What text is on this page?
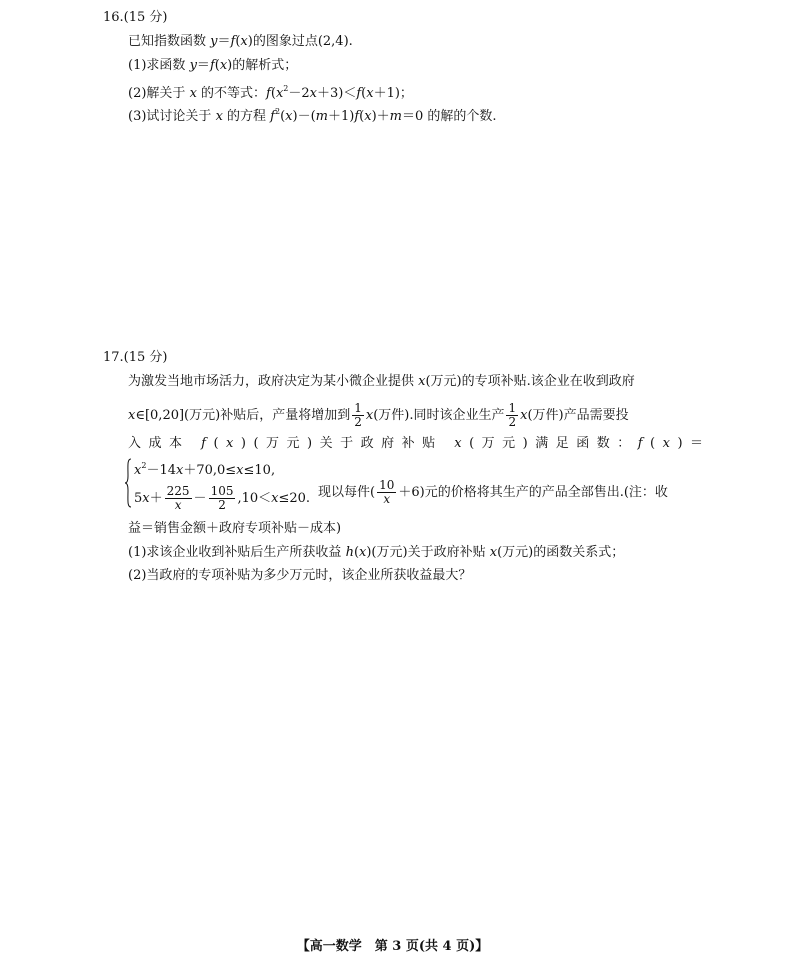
16.(15 分)
已知指数函数 y＝f(x)的图象过点(2,4).
(1)求函数 y＝f(x)的解析式；
(2)解关于 x 的不等式：$f(x^2-2x+3)<f(x+1)$；
(3)试讨论关于 x 的方程 $f^2(x)-(m+1)f(x)+m=0$ 的解的个数.
17.(15 分)
为激发当地市场活力，政府决定为某小微企业提供 x(万元)的专项补贴.该企业在收到政府
x∈[0,20](万元)补贴后，产量将增加到 $\frac{1}{2} x$(万件).同时该企业生产 $\frac{1}{2} x$(万件)产品需要投
入成本 f(x)(万元)关于政府补贴 x(万元)满足函数：f(x)＝
$x^2-14x+70,0\le x\le 10$,
$5x+ \frac{225}{x} - \frac{105}{2} ,10<x\le 20$. 现以每件( $\frac{10}{x} +6$)元的价格将其生产的产品全部售出.(注：收
益＝销售金额＋政府专项补贴－成本)
(1)求该企业收到补贴后生产所获收益 h(x)(万元)关于政府补贴 x(万元)的函数关系式；
(2)当政府的专项补贴为多少万元时，该企业所获收益最大？
【高一数学　第 3 页(共 4 页)】
